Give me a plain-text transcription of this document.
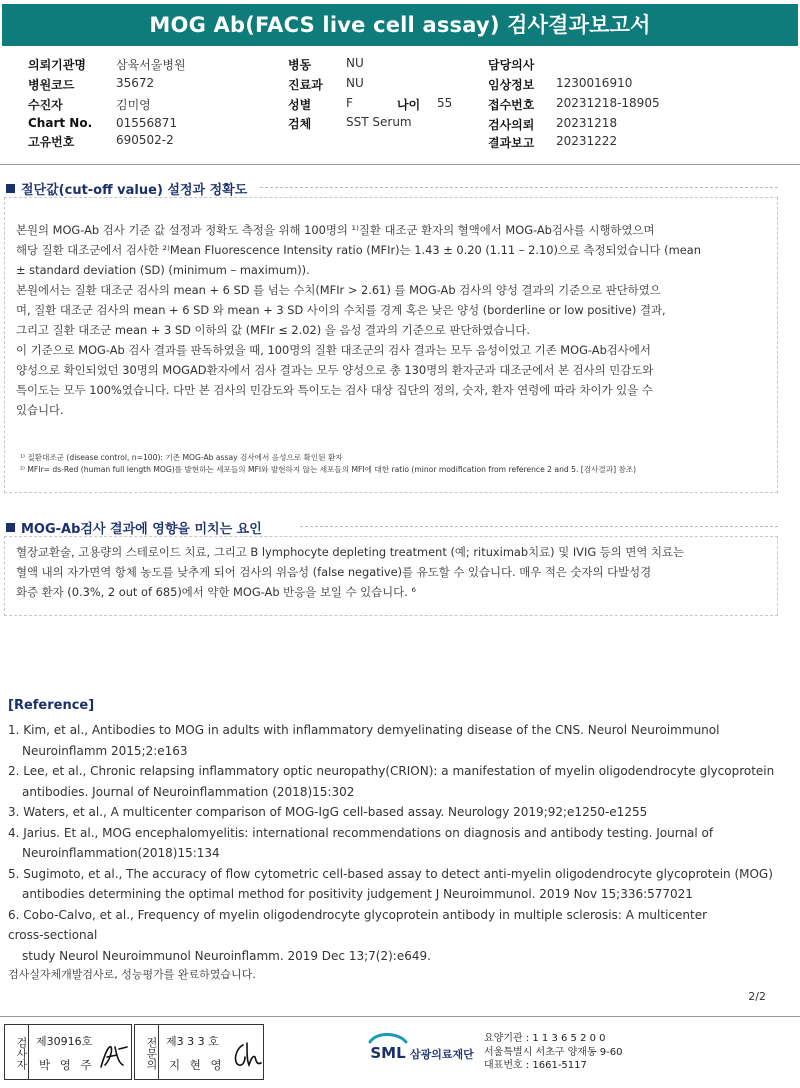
MOG Ab(FACS live cell assay) 검사결과보고서
의뢰기관명	삼육서울병원
병원코드	35672
수진자	김미영
Chart No. 01556871
고유번호	690502-2
병동	NU
진료과 NU
성별	F	나이 55
검체	SST Serum
담당의사
임상정보 1230016910
접수번호 20231218-18905
검사의뢰 20231218
결과보고 20231222
절단값(cut-off value) 설정과 정확도

본원의 MOG-Ab 검사 기준 값 설정과 정확도 측정을 위해 100명의 ¹⁾질환 대조군 환자의 혈액에서 MOG-Ab검사를 시행하였으며

해당 질환 대조군에서 검사한 ²⁾Mean Fluorescence Intensity ratio (MFIr)는 1.43 ± 0.20 (1.11 – 2.10)으로 측정되었습니다 (mean

± standard deviation (SD) (minimum – maximum)).

본원에서는 질환 대조군 검사의 mean + 6 SD 를 넘는 수치(MFIr > 2.61) 를 MOG-Ab 검사의 양성 결과의 기준으로 판단하였으

며, 질환 대조군 검사의 mean + 6 SD 와 mean + 3 SD 사이의 수치를 경계 혹은 낮은 양성 (borderline or low positive) 결과,

그리고 질환 대조군 mean + 3 SD 이하의 값 (MFIr ≤ 2.02) 을 음성 결과의 기준으로 판단하였습니다.

이 기준으로 MOG-Ab 검사 결과를 판독하였을 때, 100명의 질환 대조군의 검사 결과는 모두 음성이었고 기존 MOG-Ab검사에서

양성으로 확인되었던 30명의 MOGAD환자에서 검사 결과는 모두 양성으로 총 130명의 환자군과 대조군에서 본 검사의 민감도와

특이도는 모두 100%였습니다. 다만 본 검사의 민감도와 특이도는 검사 대상 집단의 정의, 숫자, 환자 연령에 따라 차이가 있을 수

있습니다.

¹⁾ 질환대조군 (disease control, n=100): 기존 MOG-Ab assay 검사에서 음성으로 확인된 환자
²⁾ MFIr= ds-Red (human full length MOG)를 발현하는 세포들의 MFI와 발현하지 않는 세포들의 MFI에 대한 ratio (minor modification from reference 2 and 5. [검사결과] 참조)
MOG-Ab검사 결과에 영향을 미치는 요인

혈장교환술, 고용량의 스테로이드 치료, 그리고 B lymphocyte depleting treatment (예; rituximab치료) 및 IVIG 등의 면역 치료는

혈액 내의 자가면역 항체 농도를 낮추게 되어 검사의 위음성 (false negative)를 유도할 수 있습니다. 매우 적은 숫자의 다발성경

화증 환자 (0.3%, 2 out of 685)에서 약한 MOG-Ab 반응을 보일 수 있습니다. ⁶

[Reference]
1. Kim, et al., Antibodies to MOG in adults with inflammatory demyelinating disease of the CNS. Neurol Neuroimmunol Neuroinflamm 2015;2:e163
2. Lee, et al., Chronic relapsing inflammatory optic neuropathy(CRION): a manifestation of myelin oligodendrocyte glycoprotein antibodies. Journal of Neuroinflammation (2018)15:302
3. Waters, et al., A multicenter comparison of MOG-IgG cell-based assay. Neurology 2019;92;e1250-e1255
4. Jarius. Et al., MOG encephalomyelitis: international recommendations on diagnosis and antibody testing. Journal of Neuroinflammation(2018)15:134
5. Sugimoto, et al., The accuracy of flow cytometric cell-based assay to detect anti-myelin oligodendrocyte glycoprotein (MOG) antibodies determining the optimal method for positivity judgement J Neuroimmunol. 2019 Nov 15;336:577021
6. Cobo-Calvo, et al., Frequency of myelin oligodendrocyte glycoprotein antibody in multiple sclerosis: A multicenter
cross-sectional
study Neurol Neuroimmunol Neuroinflamm. 2019 Dec 13;7(2):e649.
검사실자체개발검사로, 성능평가를 완료하였습니다.
2/2
검사자 제30916호
박 영 주	전문의 제3 3 3 호
지 현 영
SML 삼광의료재단
요양기관 : 1 1 3 6 5 2 0 0
서울특별시 서초구 양재동 9-60
대표번호 : 1661-5117
